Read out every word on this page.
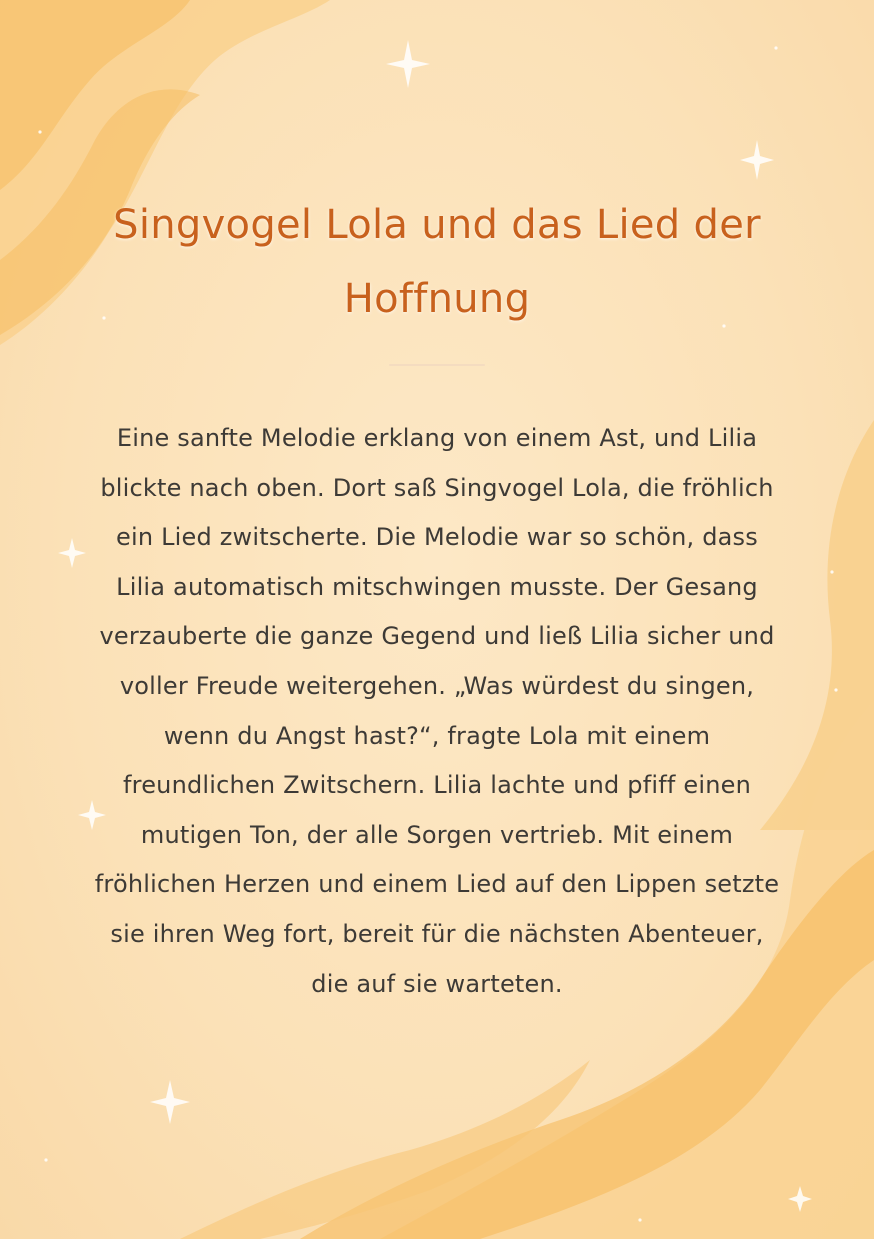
Singvogel Lola und das Lied der Hoffnung

Eine sanfte Melodie erklang von einem Ast, und Lilia blickte nach oben. Dort saß Singvogel Lola, die fröhlich ein Lied zwitscherte. Die Melodie war so schön, dass Lilia automatisch mitschwingen musste. Der Gesang verzauberte die ganze Gegend und ließ Lilia sicher und voller Freude weitergehen. „Was würdest du singen, wenn du Angst hast?“, fragte Lola mit einem freundlichen Zwitschern. Lilia lachte und pfiff einen mutigen Ton, der alle Sorgen vertrieb. Mit einem fröhlichen Herzen und einem Lied auf den Lippen setzte sie ihren Weg fort, bereit für die nächsten Abenteuer, die auf sie warteten.
